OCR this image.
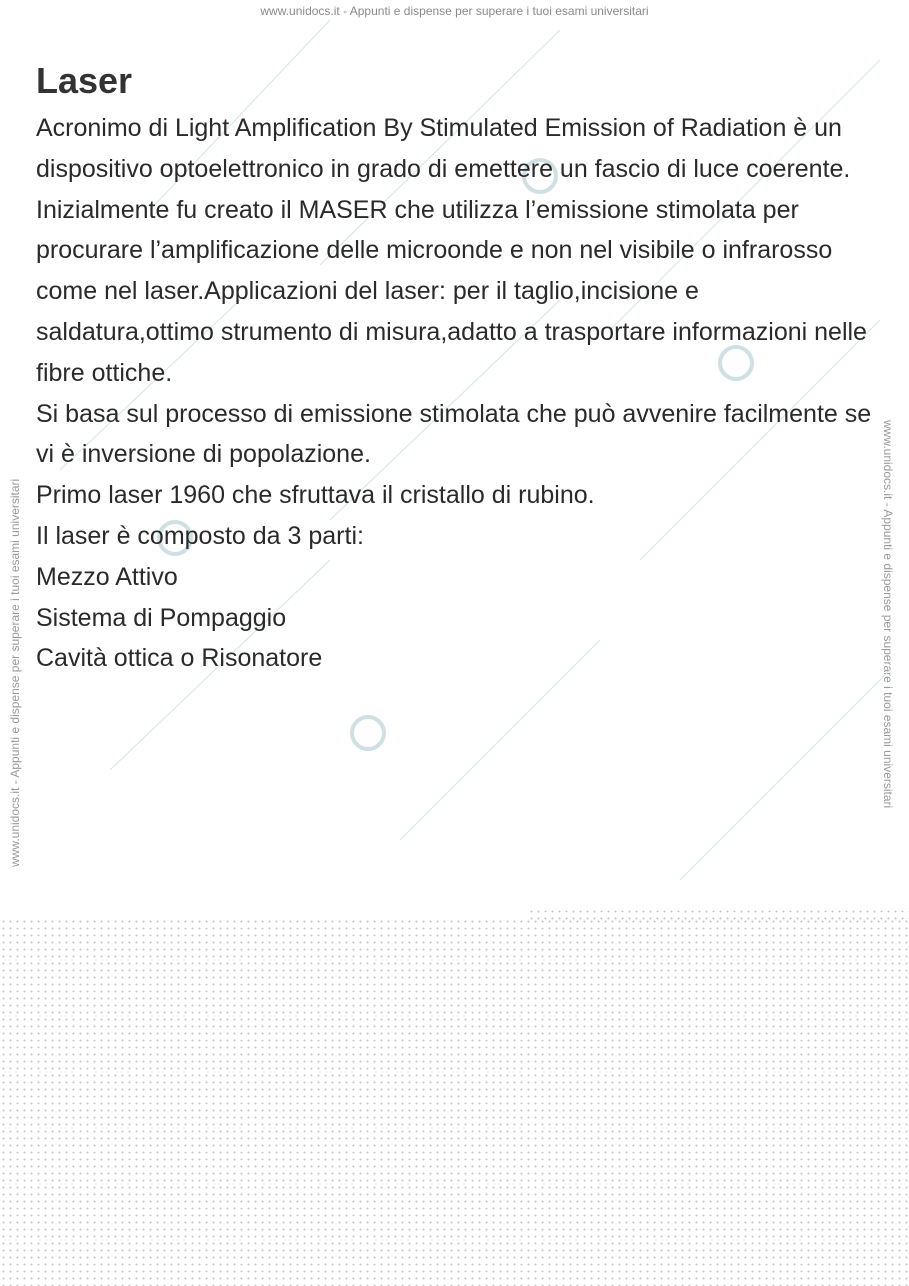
www.unidocs.it - Appunti e dispense per superare i tuoi esami universitari
www.unidocs.it - Appunti e dispense per superare i tuoi esami universitari	www.unidocs.it - Appunti e dispense per superare i tuoi esami universitari
Laser

Acronimo di Light Amplification By Stimulated Emission of Radiation è un dispositivo optoelettronico in grado di emettere un fascio di luce coerente.

Inizialmente fu creato il MASER che utilizza l’emissione stimolata per procurare l’amplificazione delle microonde e non nel visibile o infrarosso come nel laser.Applicazioni del laser: per il taglio,incisione e saldatura,ottimo strumento di misura,adatto a trasportare informazioni nelle fibre ottiche.

Si basa sul processo di emissione stimolata che può avvenire facilmente se vi è inversione di popolazione.

Primo laser 1960 che sfruttava il cristallo di rubino.

Il laser è composto da 3 parti:

Mezzo Attivo

Sistema di Pompaggio

Cavità ottica o Risonatore
